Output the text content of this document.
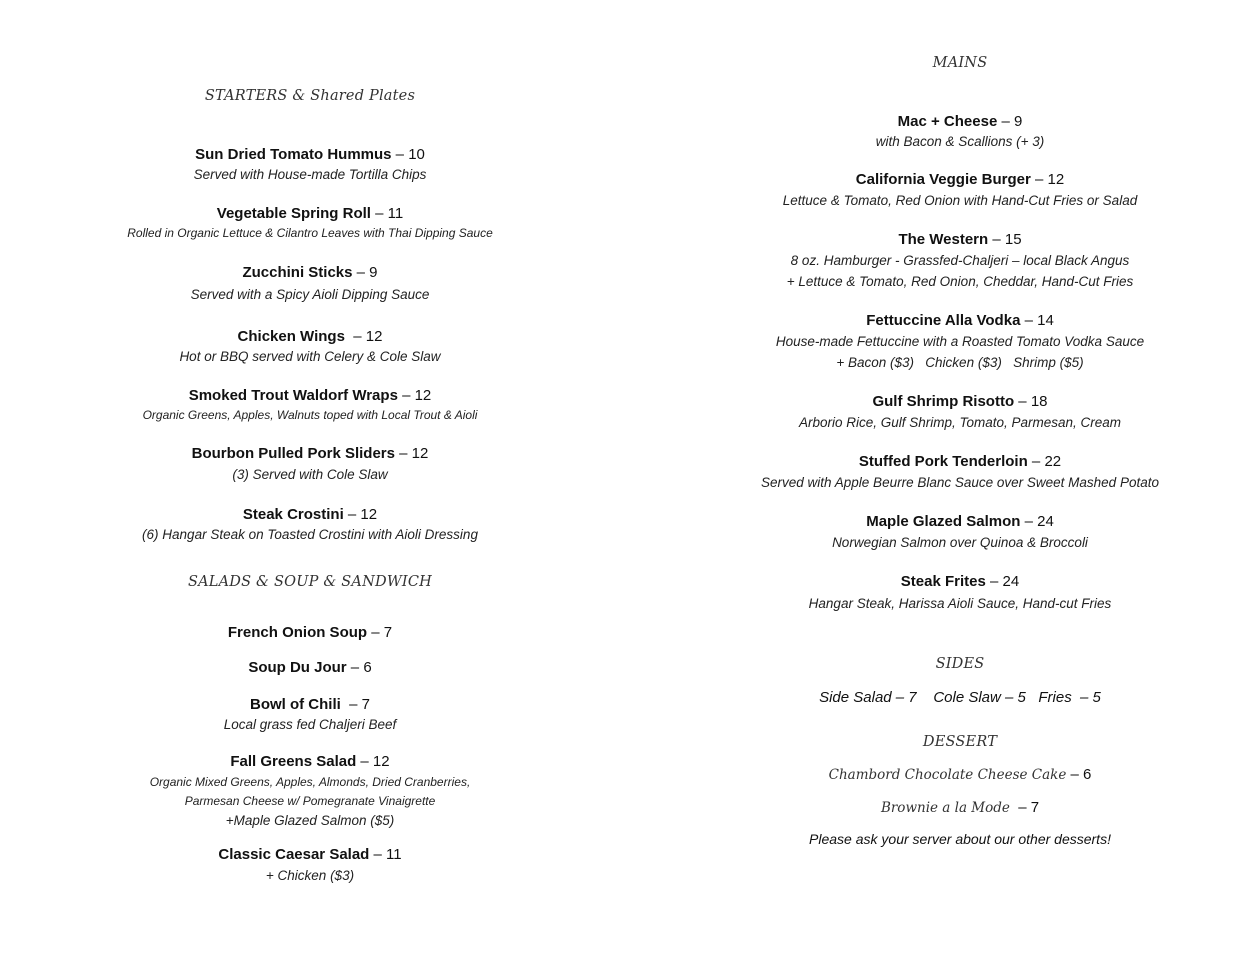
STARTERS & Shared Plates
Sun Dried Tomato Hummus – 10
Served with House-made Tortilla Chips
Vegetable Spring Roll – 11
Rolled in Organic Lettuce & Cilantro Leaves with Thai Dipping Sauce
Zucchini Sticks – 9
Served with a Spicy Aioli Dipping Sauce
Chicken Wings  – 12
Hot or BBQ served with Celery & Cole Slaw
Smoked Trout Waldorf Wraps – 12
Organic Greens, Apples, Walnuts toped with Local Trout & Aioli
Bourbon Pulled Pork Sliders – 12
(3) Served with Cole Slaw
Steak Crostini – 12
(6) Hangar Steak on Toasted Crostini with Aioli Dressing
SALADS & SOUP & SANDWICH
French Onion Soup – 7
Soup Du Jour – 6
Bowl of Chili  – 7
Local grass fed Chaljeri Beef
Fall Greens Salad – 12
Organic Mixed Greens, Apples, Almonds, Dried Cranberries,
Parmesan Cheese w/ Pomegranate Vinaigrette
+Maple Glazed Salmon ($5)
Classic Caesar Salad – 11
+ Chicken ($3)
MAINS
Mac + Cheese – 9
with Bacon & Scallions (+ 3)
California Veggie Burger – 12
Lettuce & Tomato, Red Onion with Hand-Cut Fries or Salad
The Western – 15
8 oz. Hamburger - Grassfed-Chaljeri – local Black Angus
+ Lettuce & Tomato, Red Onion, Cheddar, Hand-Cut Fries
Fettuccine Alla Vodka – 14
House-made Fettuccine with a Roasted Tomato Vodka Sauce
+ Bacon ($3)   Chicken ($3)   Shrimp ($5)
Gulf Shrimp Risotto – 18
Arborio Rice, Gulf Shrimp, Tomato, Parmesan, Cream
Stuffed Pork Tenderloin – 22
Served with Apple Beurre Blanc Sauce over Sweet Mashed Potato
Maple Glazed Salmon – 24
Norwegian Salmon over Quinoa & Broccoli
Steak Frites – 24
Hangar Steak, Harissa Aioli Sauce, Hand-cut Fries
SIDES
Side Salad – 7    Cole Slaw – 5   Fries  – 5
DESSERT
Chambord Chocolate Cheese Cake – 6
Brownie a la Mode  – 7
Please ask your server about our other desserts!
